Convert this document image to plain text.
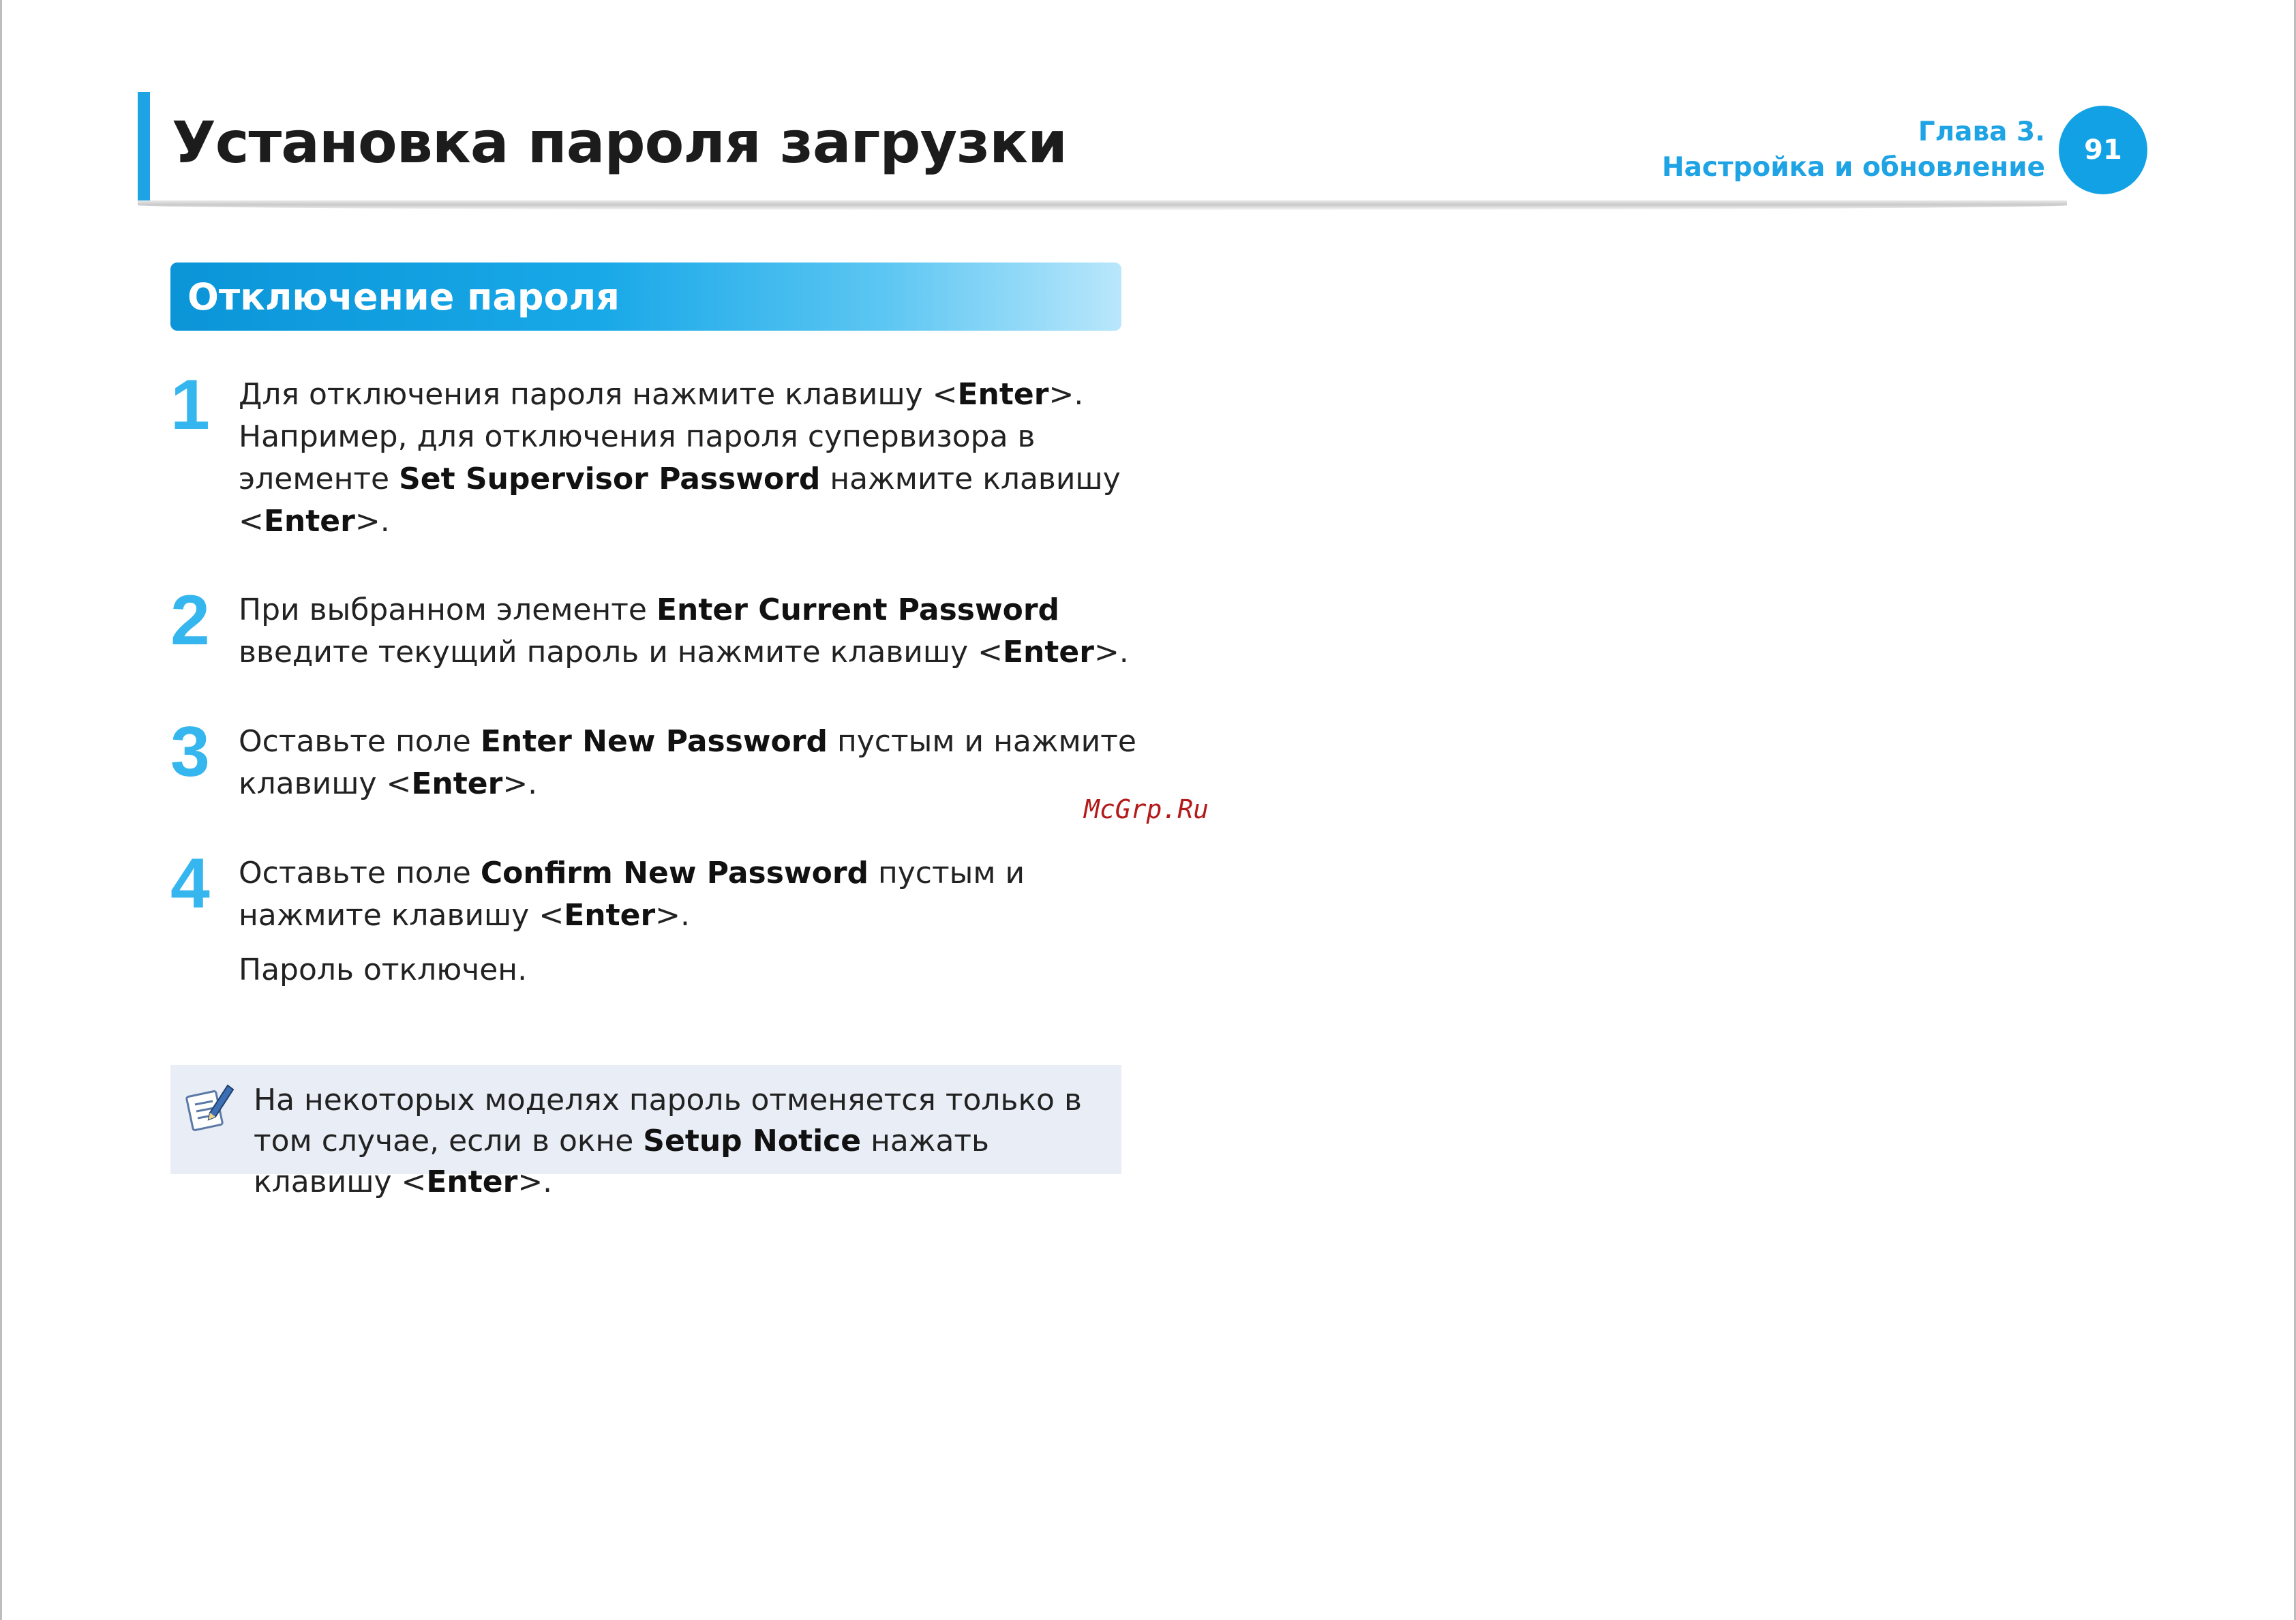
Установка пароля загрузки	Глава 3.
Настройка и обновление
91
Отключение пароля
1 Для отключения пароля нажмите клавишу <Enter>. Например, для отключения пароля супервизора в элементе Set Supervisor Password нажмите клавишу <Enter>.
2 При выбранном элементе Enter Current Password введите текущий пароль и нажмите клавишу <Enter>.
3 Оставьте поле Enter New Password пустым и нажмите клавишу <Enter>.
4 Оставьте поле Confirm New Password пустым и нажмите клавишу <Enter>.
Пароль отключен.
McGrp.Ru
На некоторых моделях пароль отменяется только в том случае, если в окне Setup Notice нажать клавишу <Enter>.
